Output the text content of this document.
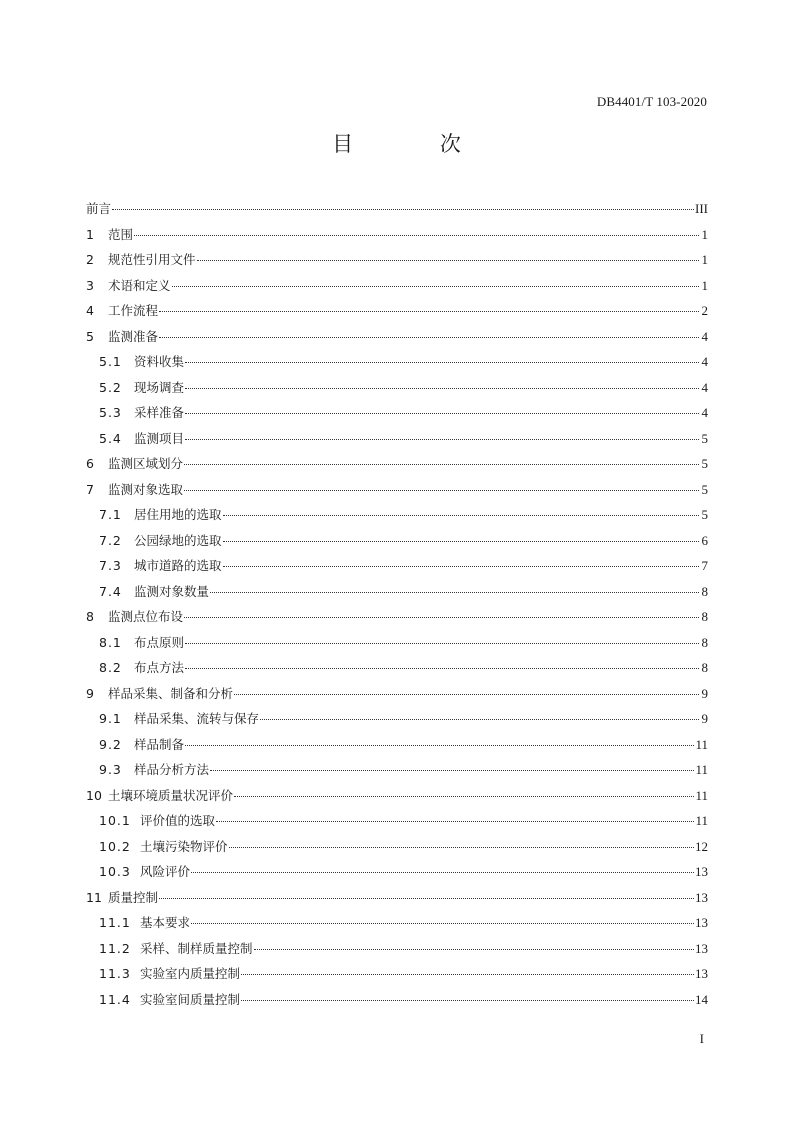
DB4401/T 103-2020
目 次
前言	III
1	范围	1
2	规范性引用文件	1
3	术语和定义	1
4	工作流程	2
5	监测准备	4
5.1 资料收集	4
5.2 现场调查	4
5.3 采样准备	4
5.4 监测项目	5
6	监测区域划分	5
7	监测对象选取	5
7.1 居住用地的选取	5
7.2 公园绿地的选取	6
7.3 城市道路的选取	7
7.4 监测对象数量	8
8	监测点位布设	8
8.1 布点原则	8
8.2 布点方法	8
9	样品采集、制备和分析	9
9.1 样品采集、流转与保存	9
9.2 样品制备	11
9.3 样品分析方法	11
10 土壤环境质量状况评价	11
10.1 评价值的选取	11
10.2 土壤污染物评价	12
10.3 风险评价	13
11 质量控制	13
11.1 基本要求	13
11.2 采样、制样质量控制	13
11.3 实验室内质量控制	13
11.4 实验室间质量控制	14
I
